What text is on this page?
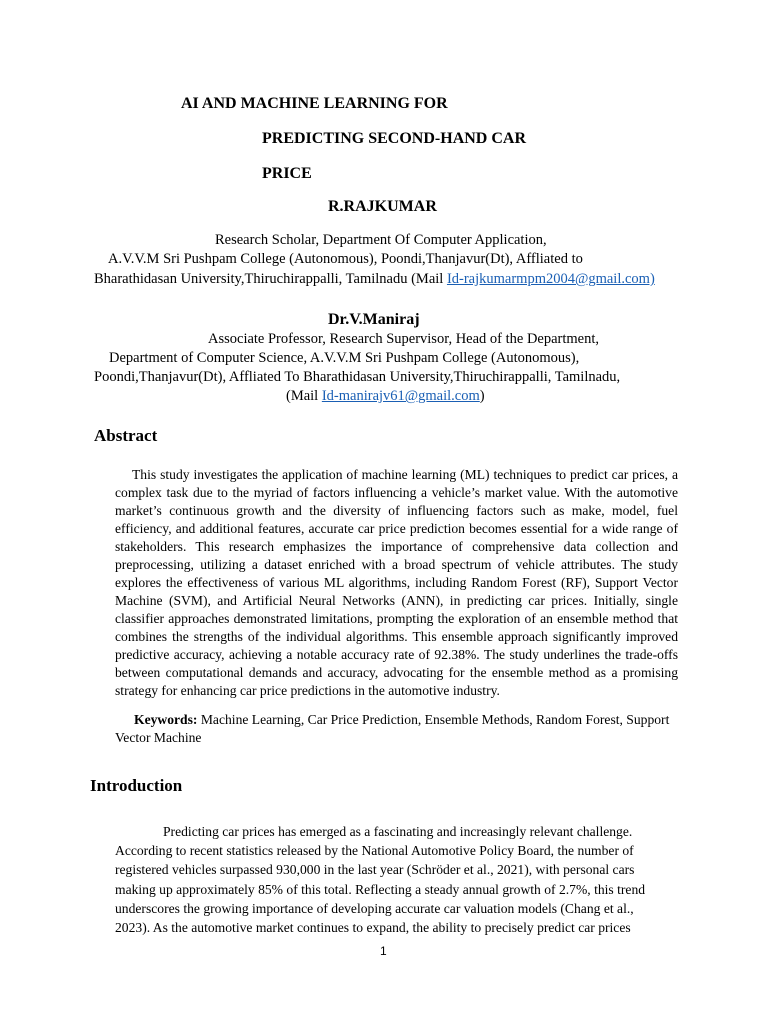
AI AND MACHINE LEARNING FOR
PREDICTING SECOND-HAND CAR
PRICE
R.RAJKUMAR
Research Scholar, Department Of Computer Application,
A.V.V.M Sri Pushpam College (Autonomous), Poondi,Thanjavur(Dt), Affliated to
Bharathidasan University,Thiruchirappalli, Tamilnadu (Mail Id-rajkumarmpm2004@gmail.com)
Dr.V.Maniraj
Associate Professor, Research Supervisor, Head of the Department,
Department of Computer Science, A.V.V.M Sri Pushpam College (Autonomous),
Poondi,Thanjavur(Dt), Affliated To Bharathidasan University,Thiruchirappalli, Tamilnadu,
(Mail Id-manirajv61@gmail.com)
Abstract
This study investigates the application of machine learning (ML) techniques to predict car prices, a complex task due to the myriad of factors influencing a vehicle’s market value. With the automotive market’s continuous growth and the diversity of influencing factors such as make, model, fuel efficiency, and additional features, accurate car price prediction becomes essential for a wide range of stakeholders. This research emphasizes the importance of comprehensive data collection and preprocessing, utilizing a dataset enriched with a broad spectrum of vehicle attributes. The study explores the effectiveness of various ML algorithms, including Random Forest (RF), Support Vector Machine (SVM), and Artificial Neural Networks (ANN), in predicting car prices. Initially, single classifier approaches demonstrated limitations, prompting the exploration of an ensemble method that combines the strengths of the individual algorithms. This ensemble approach significantly improved predictive accuracy, achieving a notable accuracy rate of 92.38%. The study underlines the trade-offs between computational demands and accuracy, advocating for the ensemble method as a promising strategy for enhancing car price predictions in the automotive industry.
Keywords: Machine Learning, Car Price Prediction, Ensemble Methods, Random Forest, Support Vector Machine
Introduction
Predicting car prices has emerged as a fascinating and increasingly relevant challenge. According to recent statistics released by the National Automotive Policy Board, the number of registered vehicles surpassed 930,000 in the last year (Schröder et al., 2021), with personal cars making up approximately 85% of this total. Reflecting a steady annual growth of 2.7%, this trend underscores the growing importance of developing accurate car valuation models (Chang et al., 2023). As the automotive market continues to expand, the ability to precisely predict car prices
1
